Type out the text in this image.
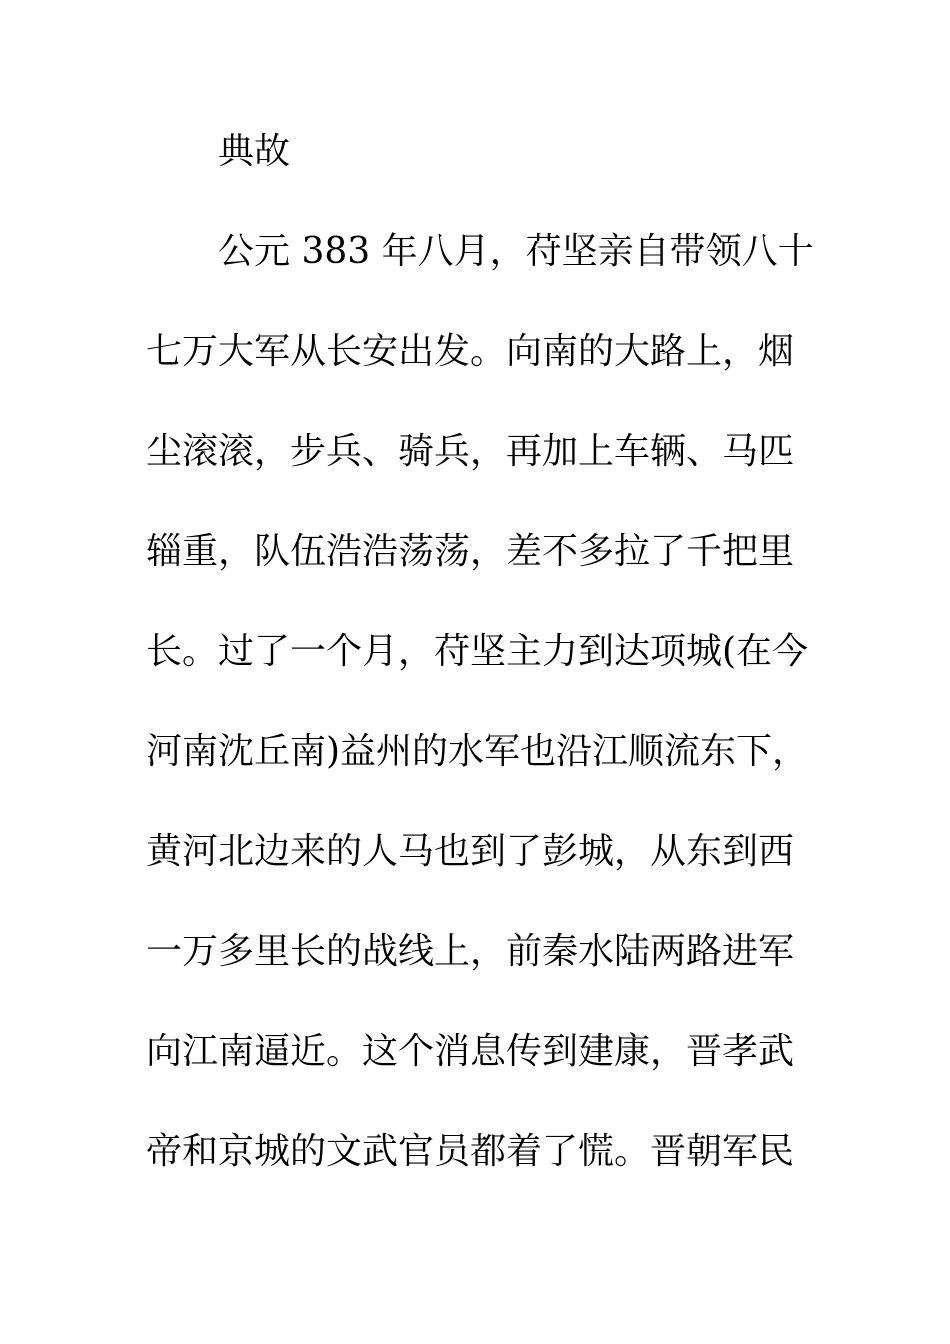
典故
公元 383 年八月，苻坚亲自带领八十
七万大军从长安出发。向南的大路上，烟
尘滚滚，步兵、骑兵，再加上车辆、马匹
辎重，队伍浩浩荡荡，差不多拉了千把里
长。过了一个月，苻坚主力到达项城(在今
河南沈丘南)益州的水军也沿江顺流东下，
黄河北边来的人马也到了彭城，从东到西
一万多里长的战线上，前秦水陆两路进军
向江南逼近。这个消息传到建康，晋孝武
帝和京城的文武官员都着了慌。晋朝军民
